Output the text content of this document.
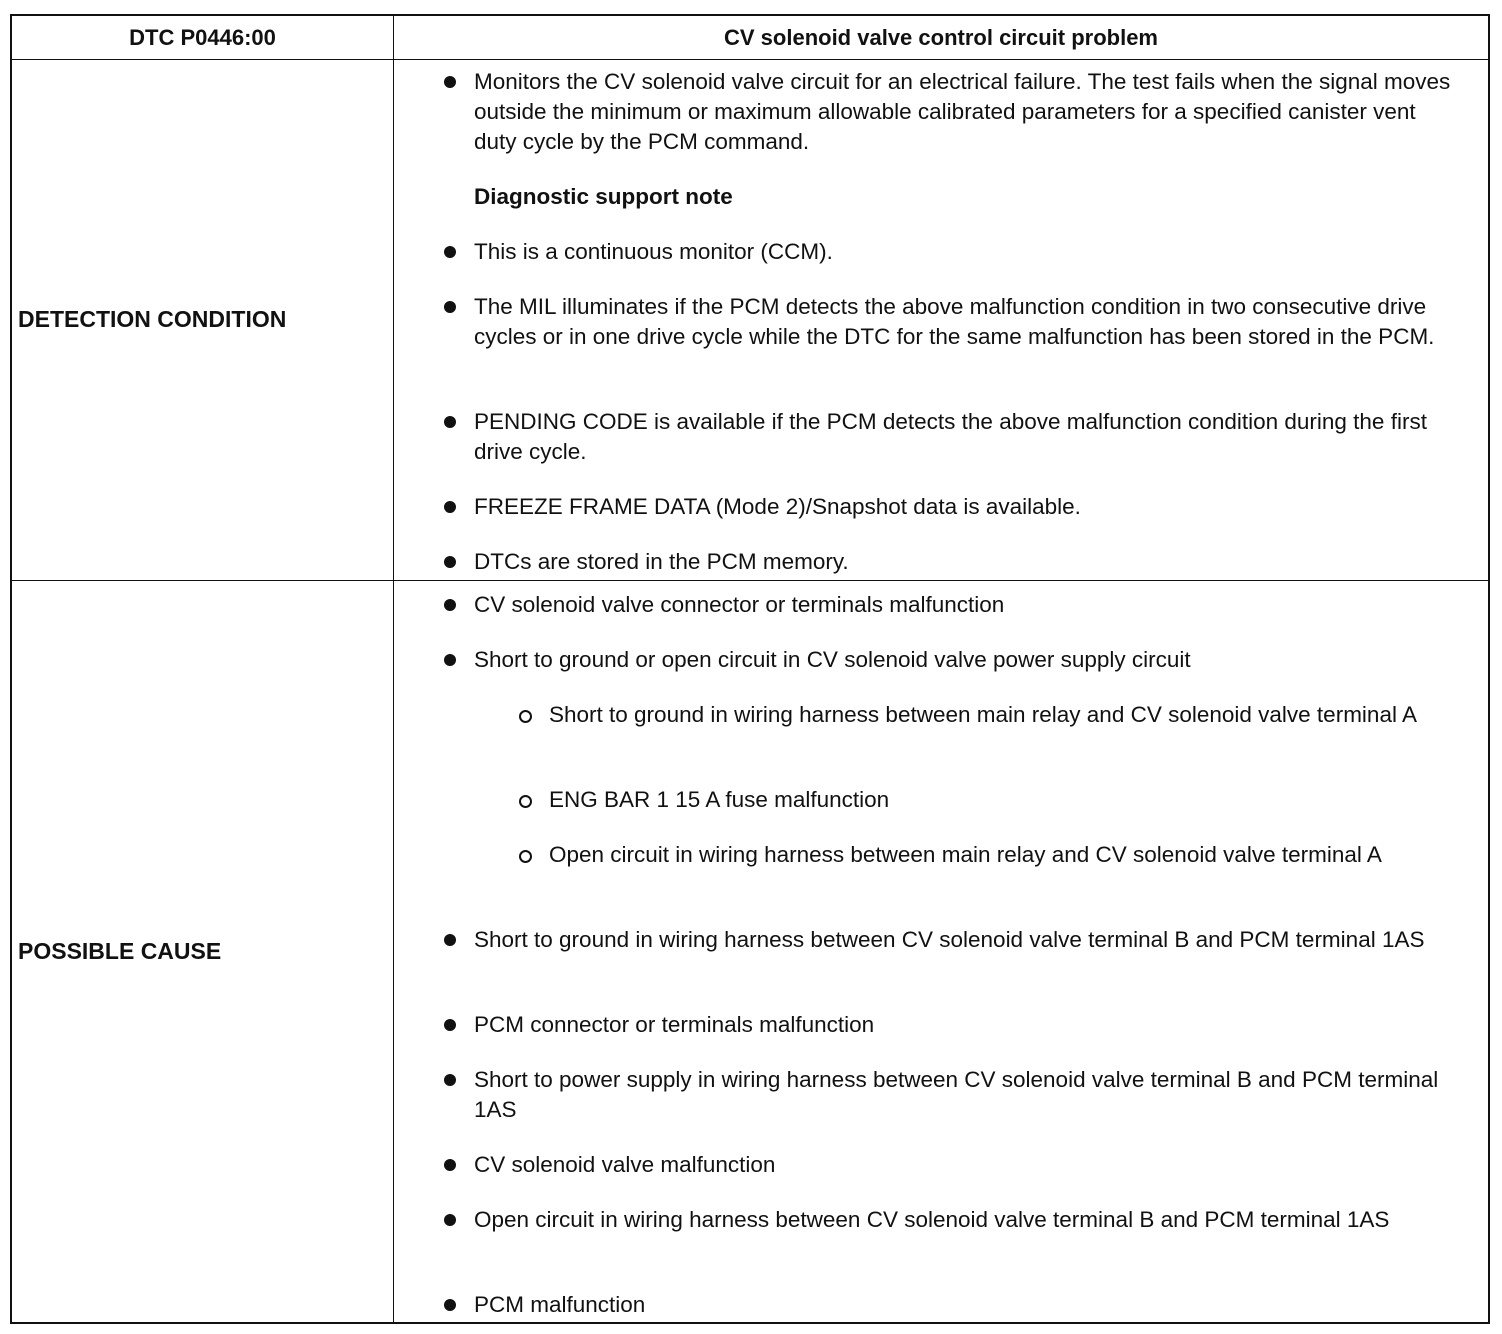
DTC P0446:00	CV solenoid valve control circuit problem
DETECTION CONDITION
Monitors the CV solenoid valve circuit for an electrical failure. The test fails when the signal moves outside the minimum or maximum allowable calibrated parameters for a specified canister vent duty cycle by the PCM command.
Diagnostic support note
This is a continuous monitor (CCM).
The MIL illuminates if the PCM detects the above malfunction condition in two consecutive drive cycles or in one drive cycle while the DTC for the same malfunction has been stored in the PCM.
PENDING CODE is available if the PCM detects the above malfunction condition during the first drive cycle.
FREEZE FRAME DATA (Mode 2)/Snapshot data is available.
DTCs are stored in the PCM memory.
POSSIBLE CAUSE
CV solenoid valve connector or terminals malfunction
Short to ground or open circuit in CV solenoid valve power supply circuit
Short to ground in wiring harness between main relay and CV solenoid valve terminal A
ENG BAR 1 15 A fuse malfunction
Open circuit in wiring harness between main relay and CV solenoid valve terminal A
Short to ground in wiring harness between CV solenoid valve terminal B and PCM terminal 1AS
PCM connector or terminals malfunction
Short to power supply in wiring harness between CV solenoid valve terminal B and PCM terminal 1AS
CV solenoid valve malfunction
Open circuit in wiring harness between CV solenoid valve terminal B and PCM terminal 1AS
PCM malfunction
